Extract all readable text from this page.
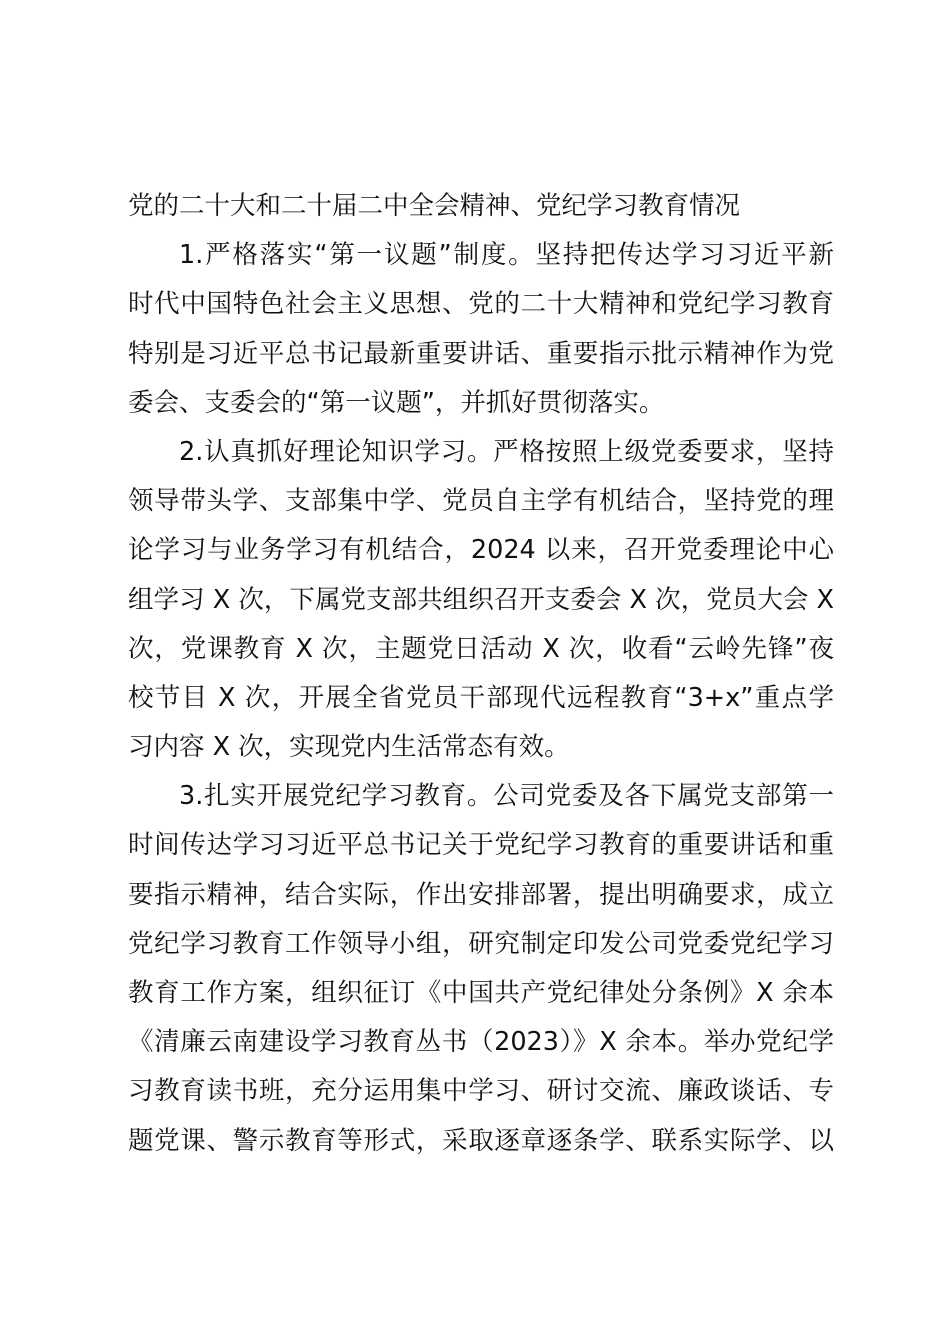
党的二十大和二十届二中全会精神、党纪学习教育情况
1.严格落实“第一议题”制度。坚持把传达学习习近平新
时代中国特色社会主义思想、党的二十大精神和党纪学习教育
特别是习近平总书记最新重要讲话、重要指示批示精神作为党
委会、支委会的“第一议题”，并抓好贯彻落实。
2.认真抓好理论知识学习。严格按照上级党委要求，坚持
领导带头学、支部集中学、党员自主学有机结合，坚持党的理
论学习与业务学习有机结合，2024 以来，召开党委理论中心
组学习 X 次，下属党支部共组织召开支委会 X 次，党员大会 X
次，党课教育 X 次，主题党日活动 X 次，收看“云岭先锋”夜
校节目 X 次，开展全省党员干部现代远程教育“3+x”重点学
习内容 X 次，实现党内生活常态有效。
3.扎实开展党纪学习教育。公司党委及各下属党支部第一
时间传达学习习近平总书记关于党纪学习教育的重要讲话和重
要指示精神，结合实际，作出安排部署，提出明确要求，成立
党纪学习教育工作领导小组，研究制定印发公司党委党纪学习
教育工作方案，组织征订《中国共产党纪律处分条例》X 余本
《清廉云南建设学习教育丛书（2023）》X 余本。举办党纪学
习教育读书班，充分运用集中学习、研讨交流、廉政谈话、专
题党课、警示教育等形式，采取逐章逐条学、联系实际学、以
